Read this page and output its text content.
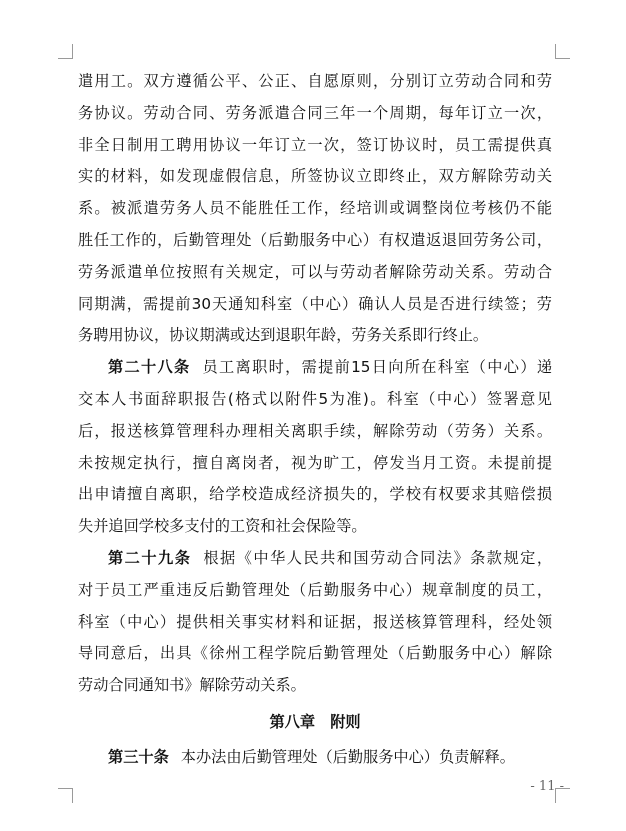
遣用工。双方遵循公平、公正、自愿原则，分别订立劳动合同和劳
务协议。劳动合同、劳务派遣合同三年一个周期，每年订立一次，
非全日制用工聘用协议一年订立一次，签订协议时，员工需提供真
实的材料，如发现虚假信息，所签协议立即终止，双方解除劳动关
系。被派遣劳务人员不能胜任工作，经培训或调整岗位考核仍不能
胜任工作的，后勤管理处（后勤服务中心）有权遣返退回劳务公司，
劳务派遣单位按照有关规定，可以与劳动者解除劳动关系。劳动合
同期满，需提前30天通知科室（中心）确认人员是否进行续签；劳
务聘用协议，协议期满或达到退职年龄，劳务关系即行终止。
第二十八条 员工离职时，需提前15日向所在科室（中心）递
交本人书面辞职报告(格式以附件5为准)。科室（中心）签署意见
后，报送核算管理科办理相关离职手续，解除劳动（劳务）关系。
未按规定执行，擅自离岗者，视为旷工，停发当月工资。未提前提
出申请擅自离职，给学校造成经济损失的，学校有权要求其赔偿损
失并追回学校多支付的工资和社会保险等。
第二十九条 根据《中华人民共和国劳动合同法》条款规定，
对于员工严重违反后勤管理处（后勤服务中心）规章制度的员工，
科室（中心）提供相关事实材料和证据，报送核算管理科，经处领
导同意后，出具《徐州工程学院后勤管理处（后勤服务中心）解除
劳动合同通知书》解除劳动关系。
第八章　附则
第三十条 本办法由后勤管理处（后勤服务中心）负责解释。
- 11 -
